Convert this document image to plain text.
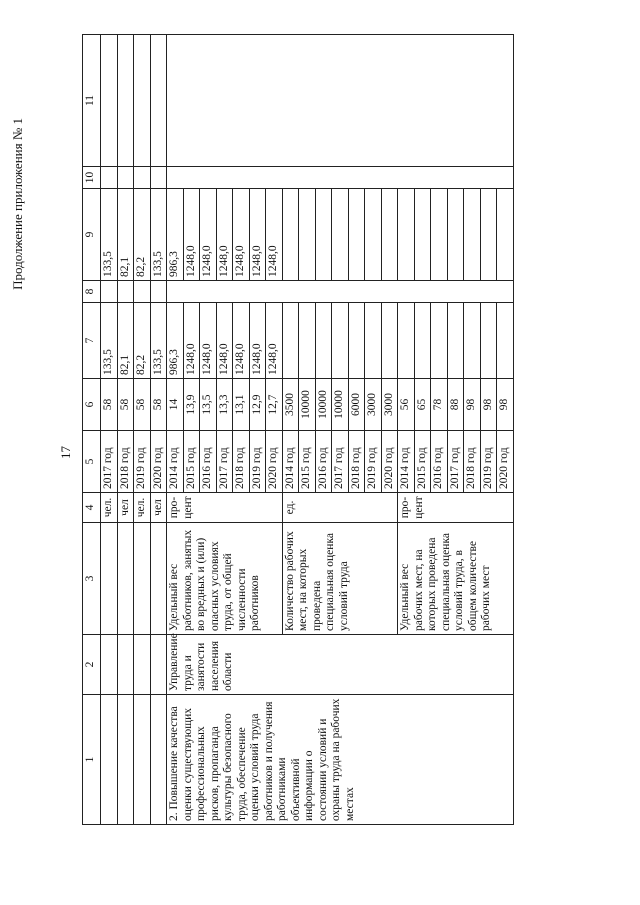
17
Продолжение приложения № 1
1	2	3	4	5	6	7	8	9	10	11
			чел.	2017 год	58	133,5		133,5		
			чел	2018 год	58	82,1		82,1		
			чел.	2019 год	58	82,2		82,2		
			чел	2020 год	58	133,5		133,5		
2. Повышение качества оценки существующих профессиональных рисков, пропаганда культуры безопасного труда, обеспечение оценки условий труда работников и получения работниками объективной информации о состоянии условий и охраны труда на рабочих местах	Управление труда и занятости населения области	Удельный вес работников, занятых во вредных и (или) опасных условиях труда, от общей численности работников	про-цент	2014 год	14	986,3		986,3		
				2015 год	13,9	1248,0		1248,0		
				2016 год	13,5	1248,0		1248,0		
				2017 год	13,3	1248,0		1248,0		
				2018 год	13,1	1248,0		1248,0		
				2019 год	12,9	1248,0		1248,0		
				2020 год	12,7	1248,0		1248,0		
		Количество рабочих мест, на которых проведена специальная оценка условий труда	ед.	2014 год	3500					
				2015 год	10000					
				2016 год	10000					
				2017 год	10000					
				2018 год	6000					
				2019 год	3000					
				2020 год	3000					
		Удельный вес рабочих мест, на которых проведена специальная оценка условий труда, в общем количестве рабочих мест	про-цент	2014 год	56					
				2015 год	65					
				2016 год	78					
				2017 год	88					
				2018 год	98					
				2019 год	98					
				2020 год	98					
